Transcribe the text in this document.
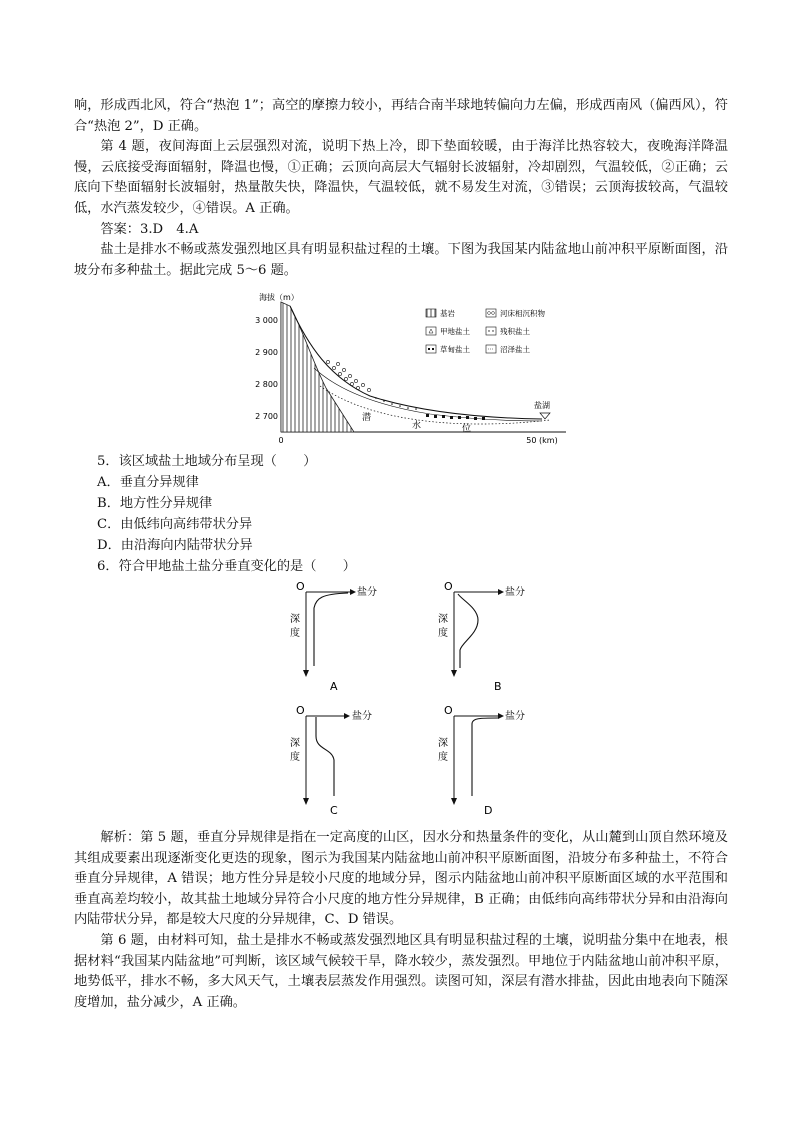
响，形成西北风，符合“热泡 1”；高空的摩擦力较小，再结合南半球地转偏向力左偏，形成西南风（偏西风），符合“热泡 2”，D 正确。

第 4 题，夜间海面上云层强烈对流，说明下热上冷，即下垫面较暖，由于海洋比热容较大，夜晚海洋降温慢，云底接受海面辐射，降温也慢，①正确；云顶向高层大气辐射长波辐射，冷却剧烈，气温较低，②正确；云底向下垫面辐射长波辐射，热量散失快，降温快，气温较低，就不易发生对流，③错误；云顶海拔较高，气温较低，水汽蒸发较少，④错误。A 正确。

答案：3.D　4.A

盐土是排水不畅或蒸发强烈地区具有明显积盐过程的土壤。下图为我国某内陆盆地山前冲积平原断面图，沿坡分布多种盐土。据此完成 5～6 题。

海拔（m）
3 000
2 900
2 800
2 700
0	50 (km)
潜
水	位
盐湖
基岩	河床相沉积物
甲地盐土	残积盐土
草甸盐土	沼泽盐土
5．该区域盐土地域分布呈现（　　）
A．垂直分异规律
B．地方性分异规律
C．由低纬向高纬带状分异
D．由沿海向内陆带状分异
6．符合甲地盐土盐分垂直变化的是（　　）
O	盐分
深
度
A
O	盐分
深
度
B
O	盐分
深
度
C
O	盐分
深
度
D

解析：第 5 题，垂直分异规律是指在一定高度的山区，因水分和热量条件的变化，从山麓到山顶自然环境及其组成要素出现逐渐变化更迭的现象，图示为我国某内陆盆地山前冲积平原断面图，沿坡分布多种盐土，不符合垂直分异规律，A 错误；地方性分异是较小尺度的地域分异，图示内陆盆地山前冲积平原断面区域的水平范围和垂直高差均较小，故其盐土地域分异符合小尺度的地方性分异规律，B 正确；由低纬向高纬带状分异和由沿海向内陆带状分异，都是较大尺度的分异规律，C、D 错误。

第 6 题，由材料可知，盐土是排水不畅或蒸发强烈地区具有明显积盐过程的土壤，说明盐分集中在地表，根据材料“我国某内陆盆地”可判断，该区域气候较干旱，降水较少，蒸发强烈。甲地位于内陆盆地山前冲积平原，地势低平，排水不畅，多大风天气，土壤表层蒸发作用强烈。读图可知，深层有潜水排盐，因此由地表向下随深度增加，盐分减少，A 正确。
